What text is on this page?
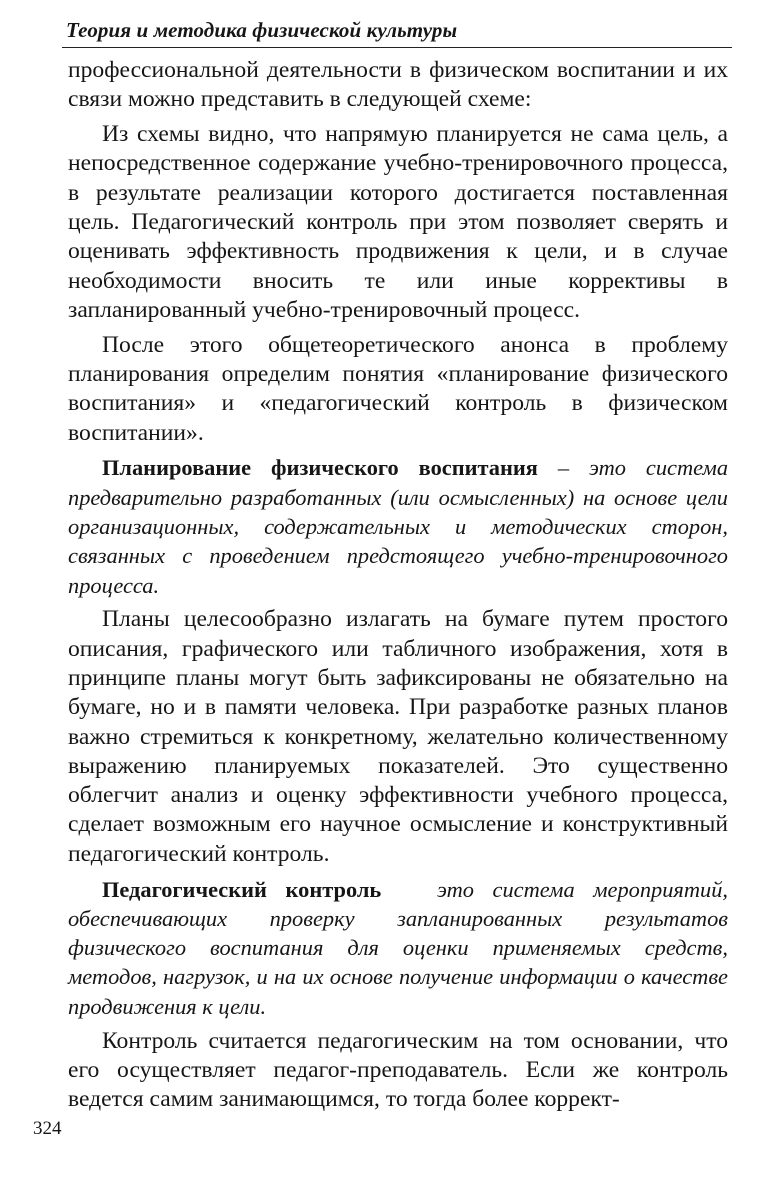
Теория и методика физической культуры

профессиональной деятельности в физическом воспитании и их связи можно представить в следующей схеме:

Из схемы видно, что напрямую планируется не сама цель, а непосредственное содержание учебно-тренировочного процесса, в результате реализации которого достигается поставленная цель. Педагогический контроль при этом позволяет сверять и оценивать эффективность продвижения к цели, и в случае необходимости вносить те или иные коррективы в запланированный учебно-тренировочный процесс.

После этого общетеоретического анонса в проблему планирования определим понятия «планирование физического воспитания» и «педагогический контроль в физическом воспитании».

Планирование физического воспитания – это система предварительно разработанных (или осмысленных) на основе цели организационных, содержательных и методических сторон, связанных с проведением предстоящего учебно-тренировочного процесса.

Планы целесообразно излагать на бумаге путем простого описания, графического или табличного изображения, хотя в принципе планы могут быть зафиксированы не обязательно на бумаге, но и в памяти человека. При разработке разных планов важно стремиться к конкретному, желательно количественному выражению планируемых показателей. Это существенно облегчит анализ и оценку эффективности учебного процесса, сделает возможным его научное осмысление и конструктивный педагогический контроль.

Педагогический контроль это система мероприятий, обеспечивающих проверку запланированных результатов физического воспитания для оценки применяемых средств, методов, нагрузок, и на их основе получение информации о качестве продвижения к цели.

Контроль считается педагогическим на том основании, что его осуществляет педагог-преподаватель. Если же контроль ведется самим занимающимся, то тогда более коррект-

324
